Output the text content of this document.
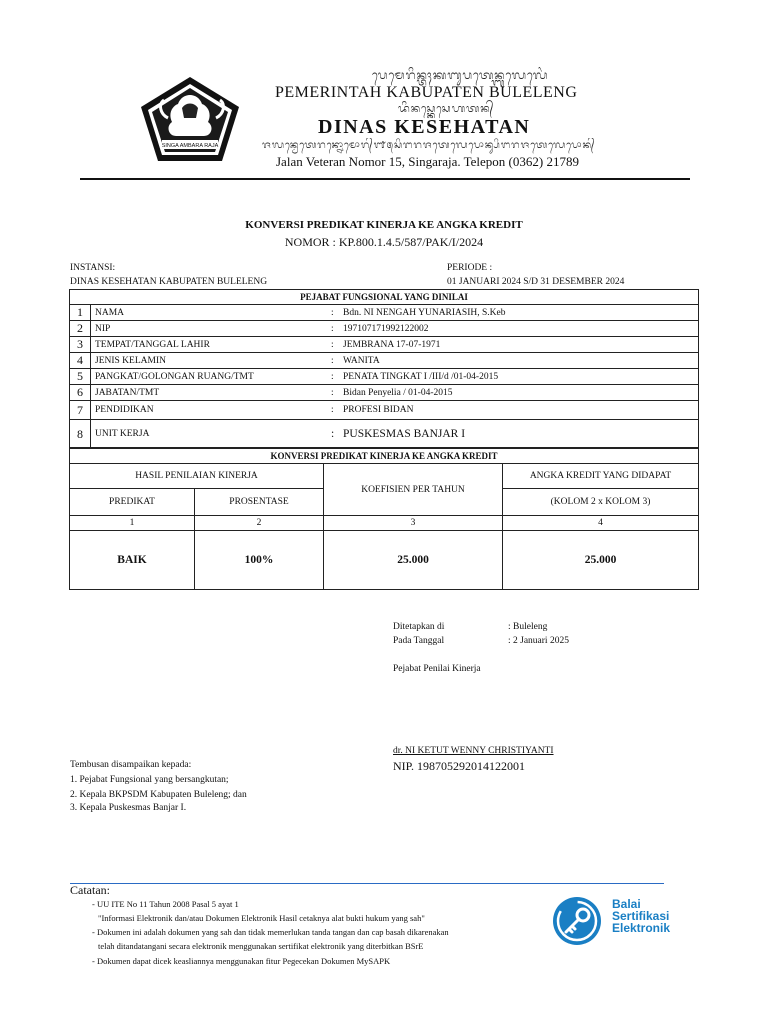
SINGA AMBARA RAJA
ᬧᬾᬫᬾᬭᬶᬦ᭄ᬢᬄᬓᬩᬸᬧᬢᬾᬦ᭄ᬩᬸᬮᬾᬮᬾᬂ
PEMERINTAH KABUPATEN BULELENG
ᬤᬶᬦᬲ᭄ᬓᬾᬲᬾᬳᬢᬦ᭄
DINAS KESEHATAN
ᬚᬮᬦ᭄ᬯᬾᬢᬾᬭᬦ᭄ᬦᭀᬫᭀᬭ᭄᭑᭕ᬲᬶᬗᬭᬚᬢᬾᬮᬾᬧᭀᬦ᭄ᬲᬶᬗᬭᬚᬢᬾᬮᬾᬧᭀᬦ᭄
Jalan Veteran Nomor 15, Singaraja. Telepon (0362) 21789
KONVERSI PREDIKAT KINERJA KE ANGKA KREDIT
NOMOR : KP.800.1.4.5/587/PAK/I/2024
INSTANSI:
DINAS KESEHATAN KABUPATEN BULELENG
PERIODE :
01 JANUARI 2024 S/D 31 DESEMBER 2024
PEJABAT FUNGSIONAL YANG DINILAI		
1	NAMA	: Bdn. NI NENGAH YUNARIASIH, S.Keb
2	NIP	: 197107171992122002
3	TEMPAT/TANGGAL LAHIR	: JEMBRANA 17-07-1971
4	JENIS KELAMIN	: WANITA
5	PANGKAT/GOLONGAN RUANG/TMT	: PENATA TINGKAT I /III/d /01-04-2015
6	JABATAN/TMT	: Bidan Penyelia / 01-04-2015
7	PENDIDIKAN	: PROFESI BIDAN
8	UNIT KERJA	: PUSKESMAS BANJAR I
KONVERSI PREDIKAT KINERJA KE ANGKA KREDIT			
HASIL PENILAIAN KINERJA		KOEFISIEN PER TAHUN	ANGKA KREDIT YANG DIDAPAT
PREDIKAT	PROSENTASE		(KOLOM 2 x KOLOM 3)
1	2	3	4
BAIK	100%	25.000	25.000
Ditetapkan di	: Buleleng
Pada Tanggal	: 2 Januari 2025
Pejabat Penilai Kinerja
dr. NI KETUT WENNY CHRISTIYANTI
NIP. 198705292014122001
Tembusan disampaikan kepada:
1. Pejabat Fungsional yang bersangkutan;
2. Kepala BKPSDM Kabupaten Buleleng; dan
3. Kepala Puskesmas Banjar I.
Catatan:
- UU ITE No 11 Tahun 2008 Pasal 5 ayat 1
"Informasi Elektronik dan/atau Dokumen Elektronik Hasil cetaknya alat bukti hukum yang sah"
- Dokumen ini adalah dokumen yang sah dan tidak memerlukan tanda tangan dan cap basah dikarenakan
telah ditandatangani secara elektronik menggunakan sertifikat elektronik yang diterbitkan BSrE
- Dokumen dapat dicek keasliannya menggunakan fitur Pegecekan Dokumen MySAPK
Balai
Sertifikasi
Elektronik
